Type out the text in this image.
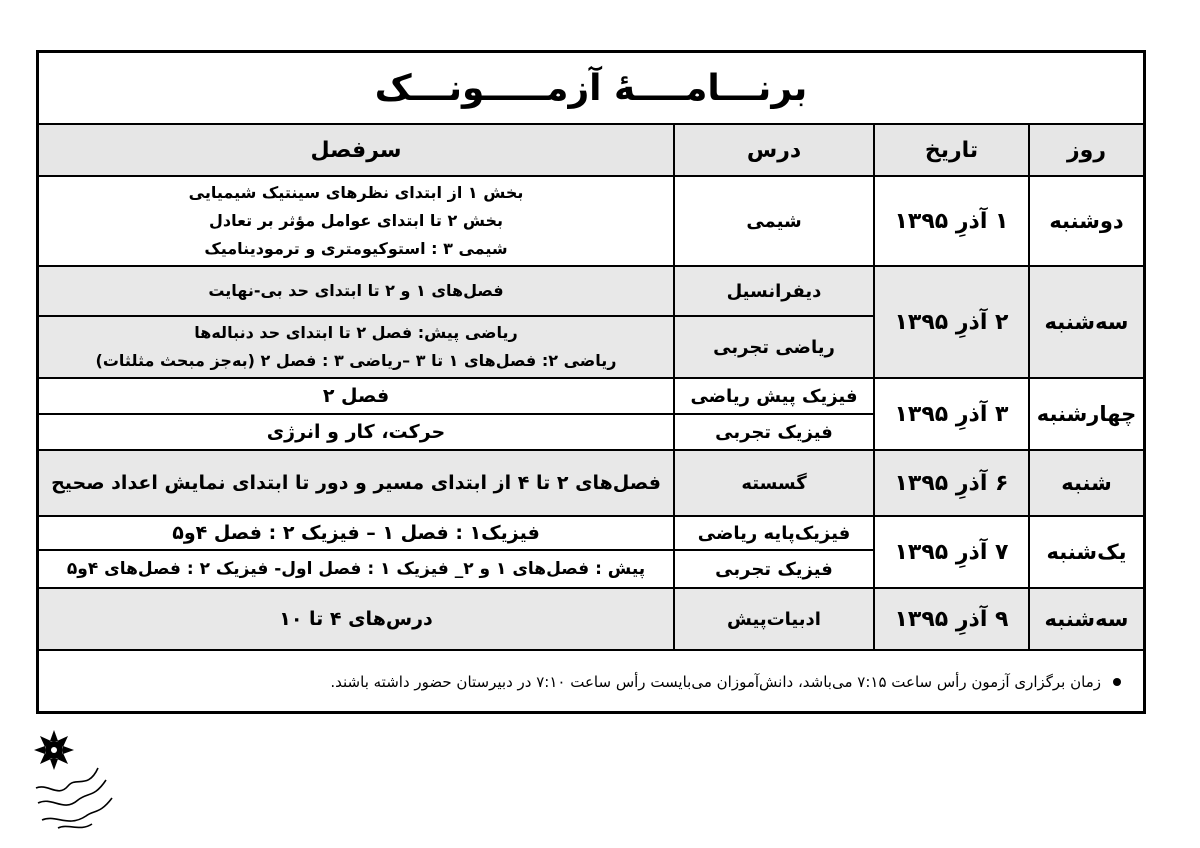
برنـــامــــهٔ آزمـــــونـــک
روز	تاریخ	درس	سرفصل
دوشنبه	۱ آذرِ ۱۳۹۵	شیمی	بخش ۱ از ابتدای نظرهای سینتیک شیمیایی
بخش ۲ تا ابتدای عوامل مؤثر بر تعادل
شیمی ۳ : استوکیومتری و ترمودینامیک

سه‌شنبه	۲ آذرِ ۱۳۹۵	دیفرانسیل	فصل‌های ۱ و ۲ تا ابتدای حد بی-نهایت

		ریاضی تجربی	ریاضی پیش: فصل ۲ تا ابتدای حد دنباله‌ها
ریاضی ۲: فصل‌های ۱ تا ۳ –ریاضی ۳ : فصل ۲ (به‌جز مبحث مثلثات)

چهارشنبه	۳ آذرِ ۱۳۹۵	فیزیک پیش ریاضی	فصل ۲

		فیزیک تجربی	حرکت، کار و انرژی

شنبه	۶ آذرِ ۱۳۹۵	گسسته	فصل‌های ۲ تا ۴ از ابتدای مسیر و دور تا ابتدای نمایش اعداد صحیح

یک‌شنبه	۷ آذرِ ۱۳۹۵	فیزیک‌پایه ریاضی	فیزیک۱ : فصل ۱ – فیزیک ۲ : فصل ۴و۵

		فیزیک تجربی	پیش : فصل‌های ۱ و ۲_ فیزیک ۱ : فصل اول- فیزیک ۲ : فصل‌های ۴و۵

سه‌شنبه	۹ آذرِ ۱۳۹۵	ادبیات‌پیش	درس‌های ۴ تا ۱۰
زمان برگزاری آزمون رأس ساعت ۷:۱۵ می‌باشد، دانش‌آموزان می‌بایست رأس ساعت ۷:۱۰ در دبیرستان حضور داشته باشند.
